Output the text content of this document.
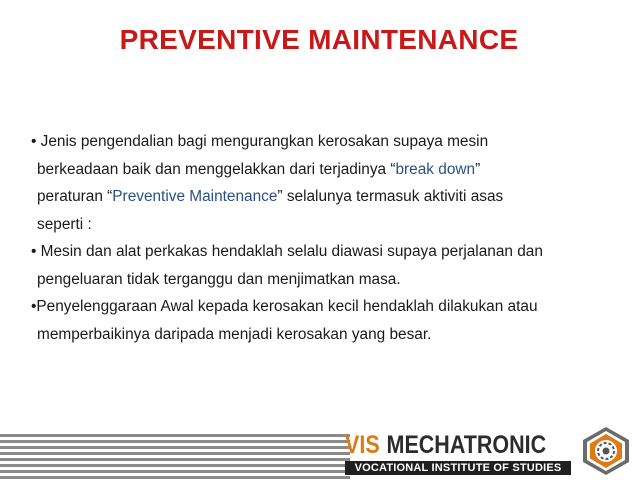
PREVENTIVE MAINTENANCE
• Jenis pengendalian bagi mengurangkan kerosakan supaya mesin
berkeadaan baik dan menggelakkan dari terjadinya “break down”
peraturan “Preventive Maintenance” selalunya termasuk aktiviti asas
seperti :
• Mesin dan alat perkakas hendaklah selalu diawasi supaya perjalanan dan
pengeluaran tidak terganggu dan menjimatkan masa.
•Penyelenggaraan Awal kepada kerosakan kecil hendaklah dilakukan atau
memperbaikinya daripada menjadi kerosakan yang besar.
VIS MECHATRONIC
VOCATIONAL INSTITUTE OF STUDIES
